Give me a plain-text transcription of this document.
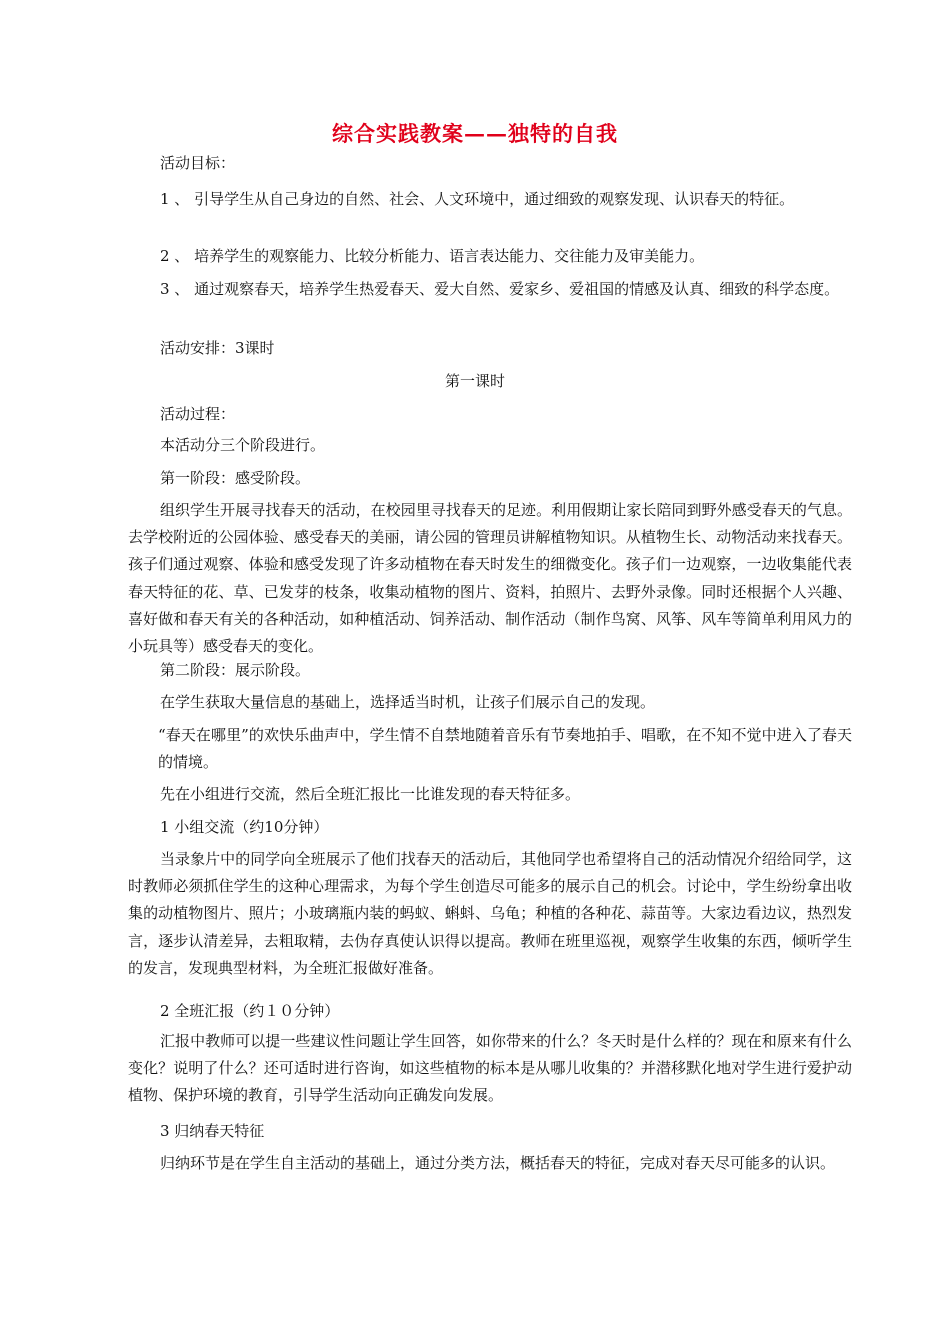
综合实践教案——独特的自我
活动目标：
1 、 引导学生从自己身边的自然、社会、人文环境中，通过细致的观察发现、认识春天的特征。
2 、 培养学生的观察能力、比较分析能力、语言表达能力、交往能力及审美能力。
3 、 通过观察春天，培养学生热爱春天、爱大自然、爱家乡、爱祖国的情感及认真、细致的科学态度。
活动安排：3课时
第一课时
活动过程：
本活动分三个阶段进行。
第一阶段：感受阶段。
组织学生开展寻找春天的活动，在校园里寻找春天的足迹。利用假期让家长陪同到野外感受春天的气息。去学校附近的公园体验、感受春天的美丽，请公园的管理员讲解植物知识。从植物生长、动物活动来找春天。孩子们通过观察、体验和感受发现了许多动植物在春天时发生的细微变化。孩子们一边观察，一边收集能代表春天特征的花、草、已发芽的枝条，收集动植物的图片、资料，拍照片、去野外录像。同时还根据个人兴趣、喜好做和春天有关的各种活动，如种植活动、饲养活动、制作活动（制作鸟窝、风筝、风车等简单利用风力的小玩具等）感受春天的变化。
第二阶段：展示阶段。
在学生获取大量信息的基础上，选择适当时机，让孩子们展示自己的发现。
“春天在哪里”的欢快乐曲声中，学生情不自禁地随着音乐有节奏地拍手、唱歌，在不知不觉中进入了春天的情境。
先在小组进行交流，然后全班汇报比一比谁发现的春天特征多。
1 小组交流（约10分钟）
当录象片中的同学向全班展示了他们找春天的活动后，其他同学也希望将自己的活动情况介绍给同学，这时教师必须抓住学生的这种心理需求，为每个学生创造尽可能多的展示自己的机会。讨论中，学生纷纷拿出收集的动植物图片、照片；小玻璃瓶内装的蚂蚁、蝌蚪、乌龟；种植的各种花、蒜苗等。大家边看边议，热烈发言，逐步认清差异，去粗取精，去伪存真使认识得以提高。教师在班里巡视，观察学生收集的东西，倾听学生的发言，发现典型材料，为全班汇报做好准备。
2 全班汇报（约１０分钟）
汇报中教师可以提一些建议性问题让学生回答，如你带来的什么？冬天时是什么样的？现在和原来有什么变化？说明了什么？还可适时进行咨询，如这些植物的标本是从哪儿收集的？并潜移默化地对学生进行爱护动植物、保护环境的教育，引导学生活动向正确发向发展。
3 归纳春天特征
归纳环节是在学生自主活动的基础上，通过分类方法，概括春天的特征，完成对春天尽可能多的认识。
